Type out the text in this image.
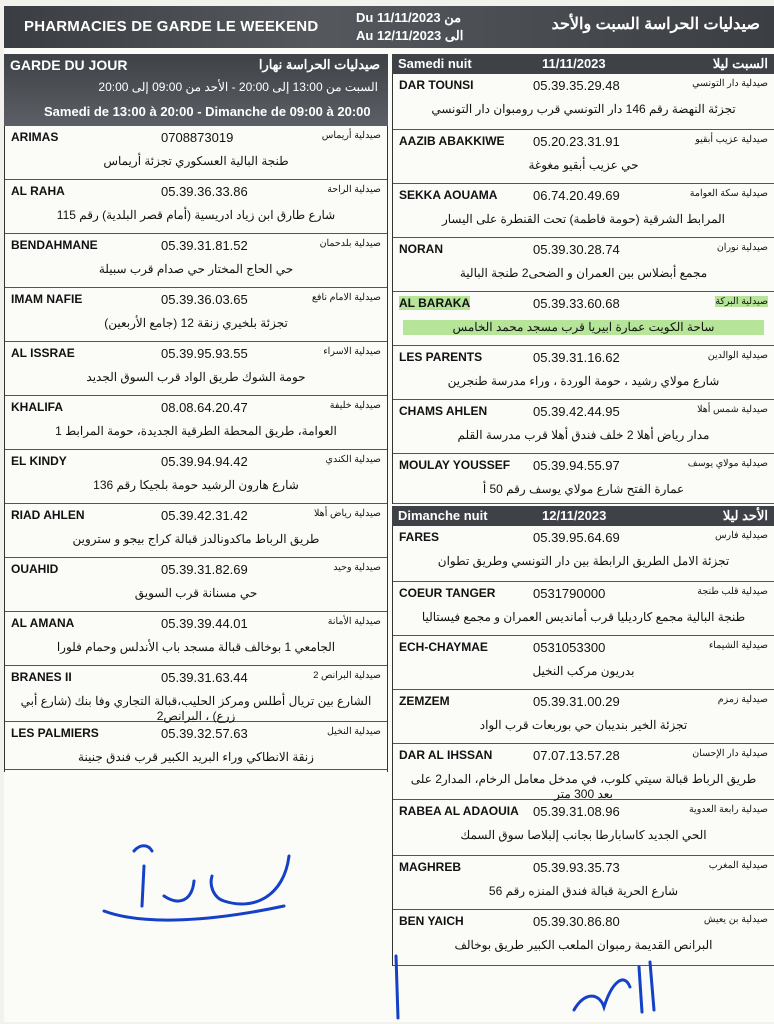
PHARMACIES DE GARDE LE WEEKEND
Du 11/11/2023 من
Au 12/11/2023 الى
صيدليات الحراسة السبت والأحد
GARDE DU JOUR	صيدليات الحراسة نهارا
السبت من 13:00 إلى 20:00 - الأحد من 09:00 إلى 20:00
Samedi de 13:00 à 20:00 - Dimanche de 09:00 à 20:00
ARIMAS	0708873019	صيدلية أريماس
طنجة البالية العسكوري تجزئة أريماس
AL RAHA	05.39.36.33.86	صيدلية الراحة
شارع طارق ابن زياد ادريسية (أمام قصر البلدية) رقم 115
BENDAHMANE	05.39.31.81.52	صيدلية بلدحمان
حي الحاج المختار حي صدام قرب سبيلة
IMAM NAFIE	05.39.36.03.65	صيدلية الامام نافع
تجزئة بلخيري زنقة 12 (جامع الأربعين)
AL ISSRAE	05.39.95.93.55	صيدلية الاسراء
حومة الشوك طريق الواد قرب السوق الجديد
KHALIFA	08.08.64.20.47	صيدلية خليفة
العوامة، طريق المحطة الطرقية الجديدة، حومة المرابط 1
EL KINDY	05.39.94.94.42	صيدلية الكندي
شارع هارون الرشيد حومة بلجيكا رقم 136
RIAD AHLEN	05.39.42.31.42	صيدلية رياض أهلا
طريق الرباط ماكدونالدز قبالة كراج بيجو و ستروين
OUAHID	05.39.31.82.69	صيدلية وحيد
حي مسنانة قرب السويق
AL AMANA	05.39.39.44.01	صيدلية الأمانة
الجامعي 1 بوخالف قبالة مسجد باب الأندلس وحمام فلورا
BRANES II	05.39.31.63.44	صيدلية البرانص 2
الشارع بين تريال أطلس ومركز الحليب،قبالة التجاري وفا بنك (شارع أبي زرع) ، البرانص2
LES PALMIERS	05.39.32.57.63	صيدلية النخيل
زنقة الانطاكي وراء البريد الكبير قرب فندق جنينة
Samedi nuit	11/11/2023	السبت ليلا
DAR TOUNSI	05.39.35.29.48	صيدلية دار التونسي
تجزئة النهضة رقم 146 دار التونسي قرب رومبوان دار التونسي
AAZIB ABAKKIWE 05.20.23.31.91	صيدلية عزيب أبقيو
حي عزيب أبقيو مغوغة
SEKKA AOUAMA	06.74.20.49.69	صيدلية سكة العوامة
المرابط الشرقية (حومة فاطمة) تحت القنطرة على اليسار
NORAN	05.39.30.28.74	صيدلية نوران
مجمع أبضلاس بين العمران و الضحى2 طنجة البالية
AL BARAKA	05.39.33.60.68	صيدلية البركة
ساحة الكويت عمارة ابيريا قرب مسجد محمد الخامس
LES PARENTS	05.39.31.16.62	صيدلية الوالدين
شارع مولاي رشيد ، حومة الوردة ، وراء مدرسة طنجرين
CHAMS AHLEN	05.39.42.44.95	صيدلية شمس أهلا
مدار رياض أهلا 2 خلف فندق أهلا قرب مدرسة القلم
MOULAY YOUSSEF 05.39.94.55.97	صيدلية مولاي يوسف
عمارة الفتح شارع مولاي يوسف رقم 50 أ
Dimanche nuit	12/11/2023	الأحد ليلا
FARES	05.39.95.64.69	صيدلية فارس
تجزئة الامل الطريق الرابطة بين دار التونسي وطريق تطوان
COEUR TANGER	0531790000	صيدلية قلب طنجة
طنجة البالية مجمع كارديليا قرب أمانديس العمران و مجمع فيستاليا
ECH-CHAYMAE	0531053300	صيدلية الشيماء
بدريون مركب النخيل
ZEMZEM	05.39.31.00.29	صيدلية زمزم
تجزئة الخير بنديبان حي بوربعات قرب الواد
DAR AL IHSSAN	07.07.13.57.28	صيدلية دار الإحسان
طريق الرباط قبالة سيتي كلوب، في مدخل معامل الرخام، المدار2 على بعد 300 متر
RABEA AL ADAOUIA 05.39.31.08.96	صيدلية رابعة العدوية
الحي الجديد كاسابارطا بجانب إلبلاصا سوق السمك
MAGHREB	05.39.93.35.73	صيدلية المغرب
شارع الحرية قبالة فندق المنزه رقم 56
BEN YAICH	05.39.30.86.80	صيدلية بن يعيش
البرانص القديمة رمبوان الملعب الكبير طريق بوخالف
